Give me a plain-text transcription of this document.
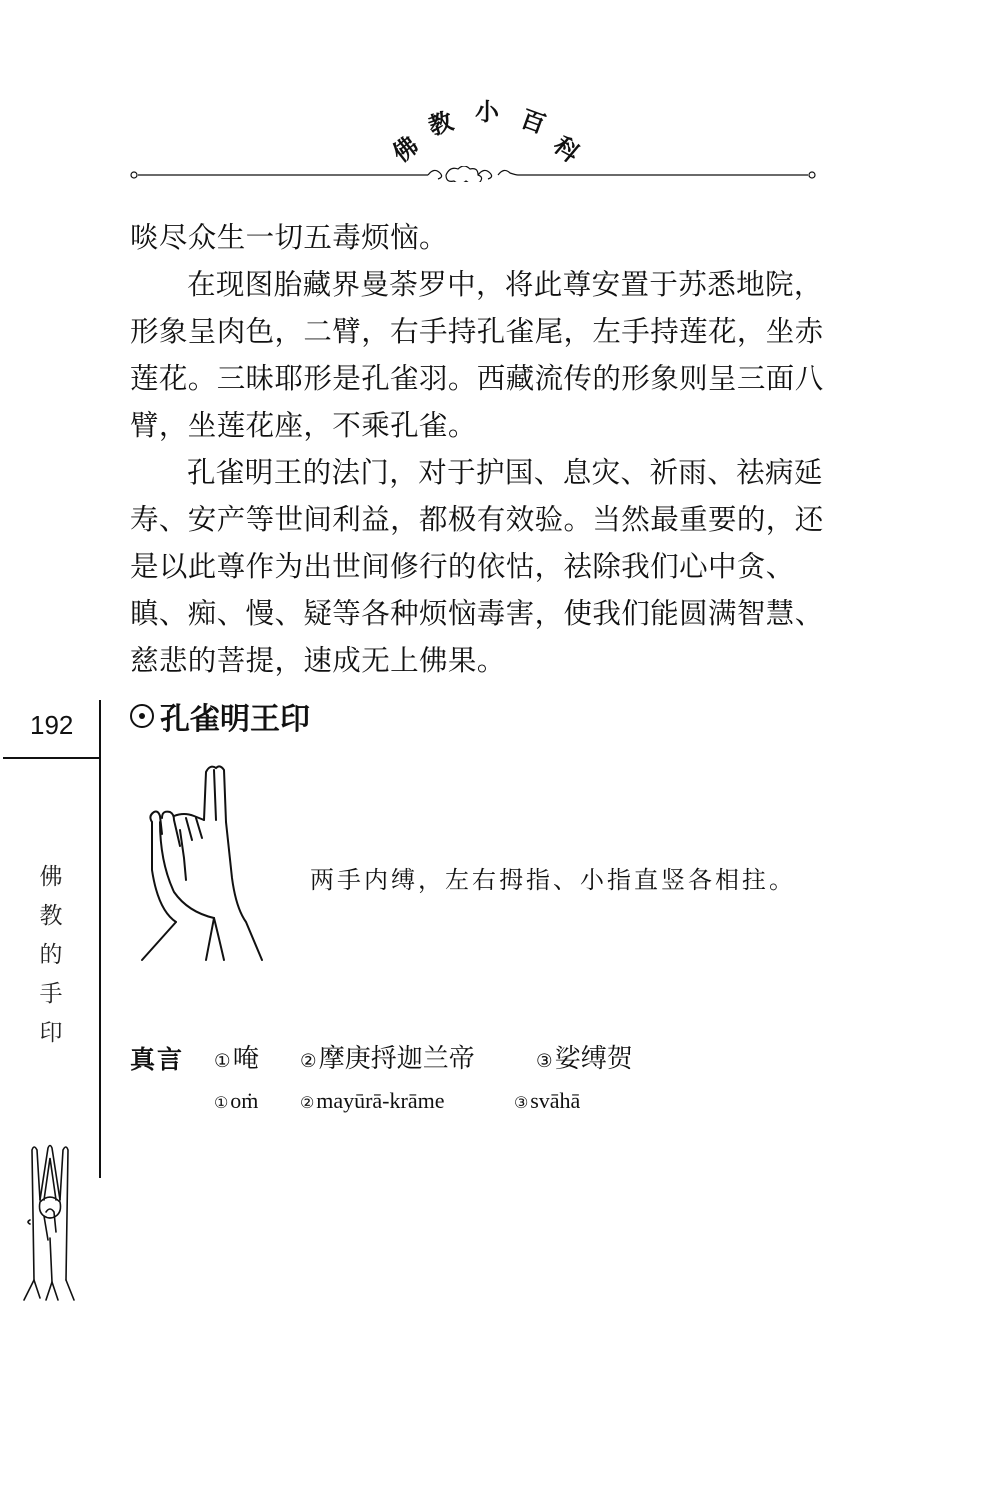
佛
教 小 百
科

啖尽众生一切五毒烦恼。

在现图胎藏界曼荼罗中，将此尊安置于苏悉地院，形象呈肉色，二臂，右手持孔雀尾，左手持莲花，坐赤莲花。三昧耶形是孔雀羽。西藏流传的形象则呈三面八臂，坐莲花座，不乘孔雀。

孔雀明王的法门，对于护国、息灾、祈雨、祛病延寿、安产等世间利益，都极有效验。当然最重要的，还是以此尊作为出世间修行的依怙，祛除我们心中贪、瞋、痴、慢、疑等各种烦恼毒害，使我们能圆满智慧、慈悲的菩提，速成无上佛果。

192
佛
教
的
手
印
孔雀明王印
两手内缚，左右拇指、小指直竖各相拄。
真言 ① 唵 ② 摩庚捋迦兰帝	③ 娑缚贺
① oṁ	② mayūrā-krāme	③ svāhā
